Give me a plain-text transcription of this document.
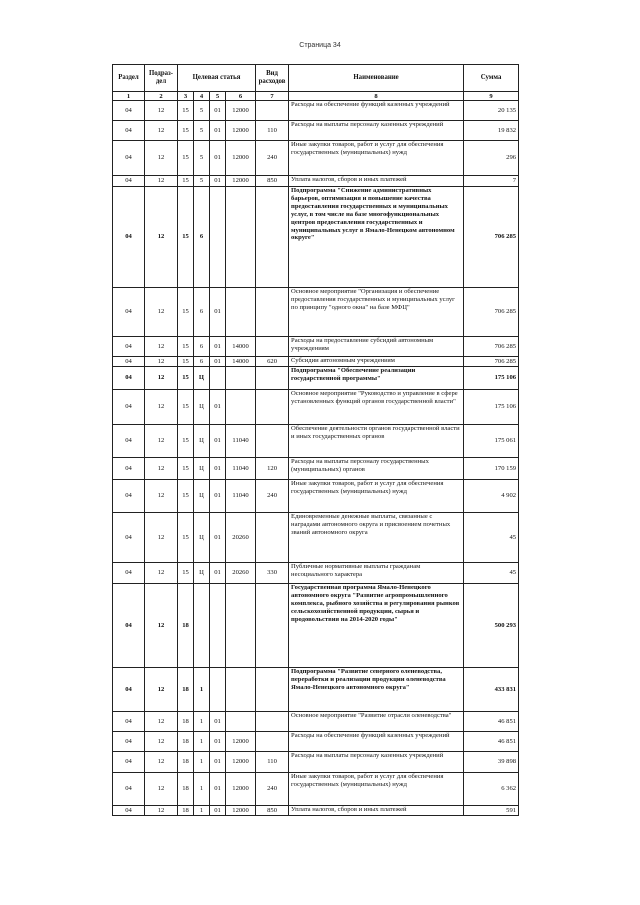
Страница 34
Раздел	Подраз-дел	Целевая статья				Вид расходов	Наименование	Сумма
1	2	3	4	5	6	7	8	9
04	12	15	5	01	12000		Расходы на обеспечение функций казенных учреждений	20 135
04	12	15	5	01	12000	110	Расходы на выплаты персоналу казенных учреждений	19 832
04	12	15	5	01	12000	240	Иные закупки товаров, работ и услуг для обеспечения государственных (муниципальных) нужд	296
04	12	15	5	01	12000	850	Уплата налогов, сборов и иных платежей	7
04	12	15	6				Подпрограмма "Снижение административных барьеров, оптимизация и повышение качества предоставления государственных и муниципальных услуг, в том числе на базе многофункциональных центров предоставления государственных и муниципальных услуг в Ямало-Ненецком автономном округе"	706 285
04	12	15	6	01			Основное мероприятие "Организация и обеспечение предоставления государственных и муниципальных услуг по принципу "одного окна" на базе МФЦ"	706 285
04	12	15	6	01	14000		Расходы на предоставление субсидий автономным учреждениям	706 285
04	12	15	6	01	14000	620	Субсидии автономным учреждениям	706 285
04	12	15	Ц				Подпрограмма "Обеспечение реализации государственной программы"	175 106
04	12	15	Ц	01			Основное мероприятие "Руководство и управление в сфере установленных функций органов государственной власти"	175 106
04	12	15	Ц	01	11040		Обеспечение деятельности органов государственной власти и иных государственных органов	175 061
04	12	15	Ц	01	11040	120	Расходы на выплаты персоналу государственных (муниципальных) органов	170 159
04	12	15	Ц	01	11040	240	Иные закупки товаров, работ и услуг для обеспечения государственных (муниципальных) нужд	4 902
04	12	15	Ц	01	20260		Единовременные денежные выплаты, связанные с наградами автономного округа и присвоением почетных званий автономного округа	45
04	12	15	Ц	01	20260	330	Публичные нормативные выплаты гражданам несоциального характера	45
04	12	18					Государственная программа Ямало-Ненецкого автономного округа "Развитие агропромышленного комплекса, рыбного хозяйства и регулирования рынков сельскохозяйственной продукции, сырья и продовольствия на 2014-2020 годы"	500 293
04	12	18	1				Подпрограмма "Развитие северного оленеводства, переработки и реализации продукции оленеводства Ямало-Ненецкого автономного округа"	433 831
04	12	18	1	01			Основное мероприятие "Развитие отрасли оленеводства"	46 851
04	12	18	1	01	12000		Расходы на обеспечение функций казенных учреждений	46 851
04	12	18	1	01	12000	110	Расходы на выплаты персоналу казенных учреждений	39 898
04	12	18	1	01	12000	240	Иные закупки товаров, работ и услуг для обеспечения государственных (муниципальных) нужд	6 362
04	12	18	1	01	12000	850	Уплата налогов, сборов и иных платежей	591
